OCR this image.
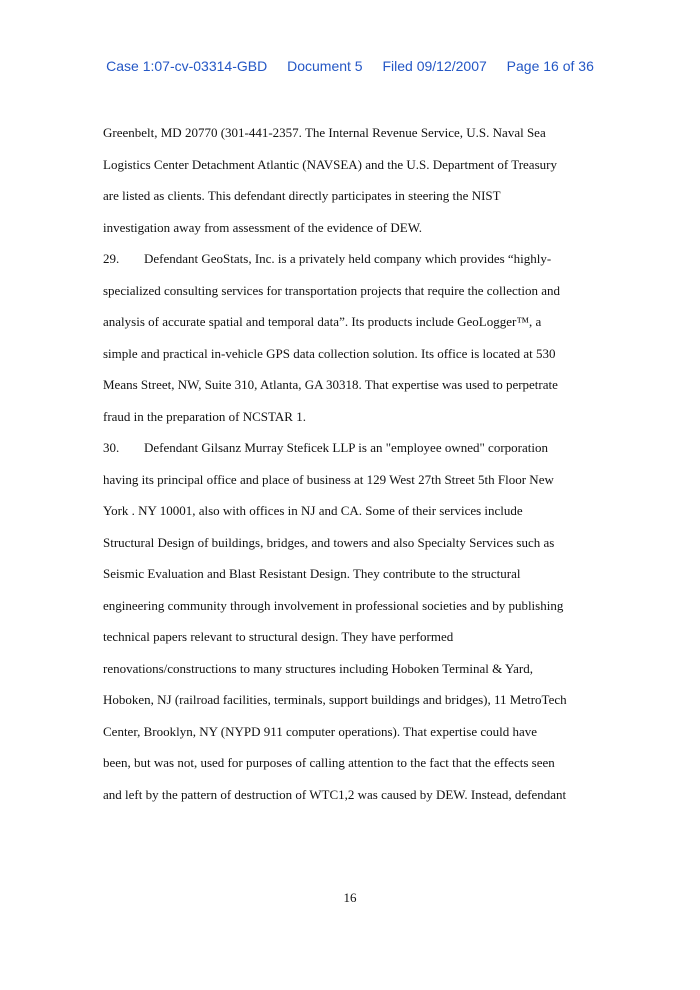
Case 1:07-cv-03314-GBD Document 5 Filed 09/12/2007 Page 16 of 36
Greenbelt, MD 20770 (301-441-2357. The Internal Revenue Service, U.S. Naval Sea
Logistics Center Detachment Atlantic (NAVSEA) and the U.S. Department of Treasury
are listed as clients. This defendant directly participates in steering the NIST
investigation away from assessment of the evidence of DEW.
29. Defendant GeoStats, Inc. is a privately held company which provides “highly-
specialized consulting services for transportation projects that require the collection and
analysis of accurate spatial and temporal data”. Its products include GeoLogger™, a
simple and practical in-vehicle GPS data collection solution. Its office is located at 530
Means Street, NW, Suite 310, Atlanta, GA 30318. That expertise was used to perpetrate
fraud in the preparation of NCSTAR 1.
30. Defendant Gilsanz Murray Steficek LLP is an "employee owned" corporation
having its principal office and place of business at 129 West 27th Street 5th Floor New
York . NY 10001, also with offices in NJ and CA. Some of their services include
Structural Design of buildings, bridges, and towers and also Specialty Services such as
Seismic Evaluation and Blast Resistant Design. They contribute to the structural
engineering community through involvement in professional societies and by publishing
technical papers relevant to structural design. They have performed
renovations/constructions to many structures including Hoboken Terminal & Yard,
Hoboken, NJ (railroad facilities, terminals, support buildings and bridges), 11 MetroTech
Center, Brooklyn, NY (NYPD 911 computer operations). That expertise could have
been, but was not, used for purposes of calling attention to the fact that the effects seen
and left by the pattern of destruction of WTC1,2 was caused by DEW. Instead, defendant
16
